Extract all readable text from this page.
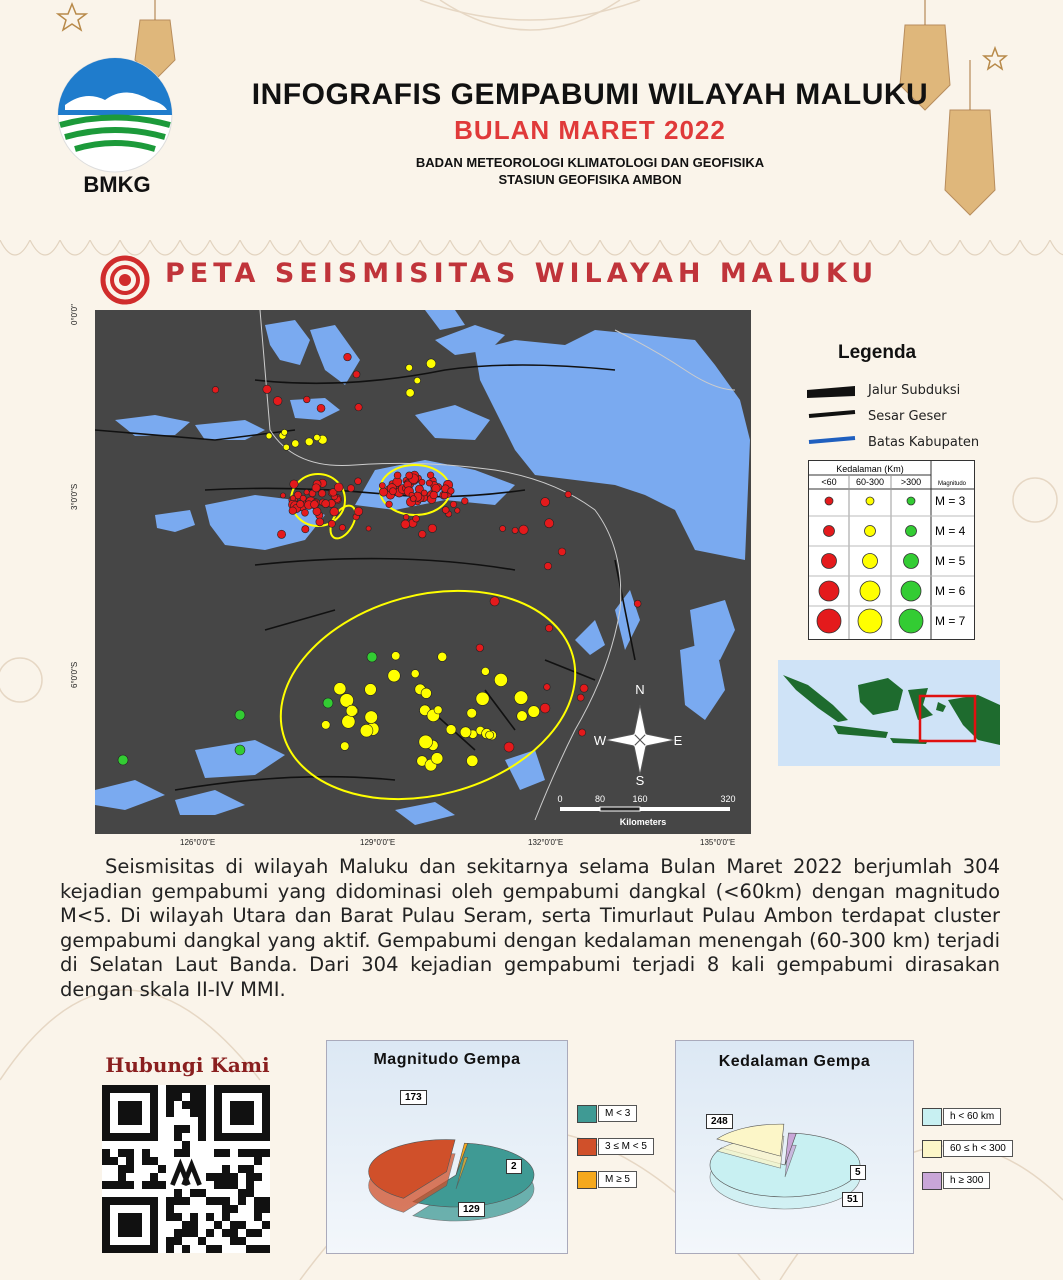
BMKG
INFOGRAFIS GEMPABUMI WILAYAH MALUKU
BULAN MARET 2022
BADAN METEOROLOGI KLIMATOLOGI DAN GEOFISIKA
STASIUN GEOFISIKA AMBON
PETA SEISMISITAS WILAYAH MALUKU
N
S
E
W
0	80	160	320
Kilometers
126°0'0"E	129°0'0"E	132°0'0"E	135°0'0"E
0°0'0"
3°0'0"S
6°0'0"S
Legenda
Jalur Subduksi
Sesar Geser
Batas Kabupaten
Kedalaman (Km)
Magnitudo
<60 60-300 >300
M = 3
M = 4
M = 5
M = 6
M = 7

Seismisitas di wilayah Maluku dan sekitarnya selama Bulan Maret 2022 berjumlah 304 kejadian gempabumi yang didominasi oleh gempabumi dangkal (<60km) dengan magnitudo M<5. Di wilayah Utara dan Barat Pulau Seram, serta Timurlaut Pulau Ambon terdapat cluster gempabumi dangkal yang aktif. Gempabumi dengan kedalaman menengah (60-300 km) terjadi di Selatan Laut Banda. Dari 304 kejadian gempabumi terjadi 8 kali gempabumi dirasakan dengan skala II-IV MMI.

Hubungi Kami	Magnitudo Gempa
173
129
2
M < 3
3 ≤ M < 5
M ≥ 5
Kedalaman Gempa
248
51
5
h < 60 km
60 ≤ h < 300
h ≥ 300
